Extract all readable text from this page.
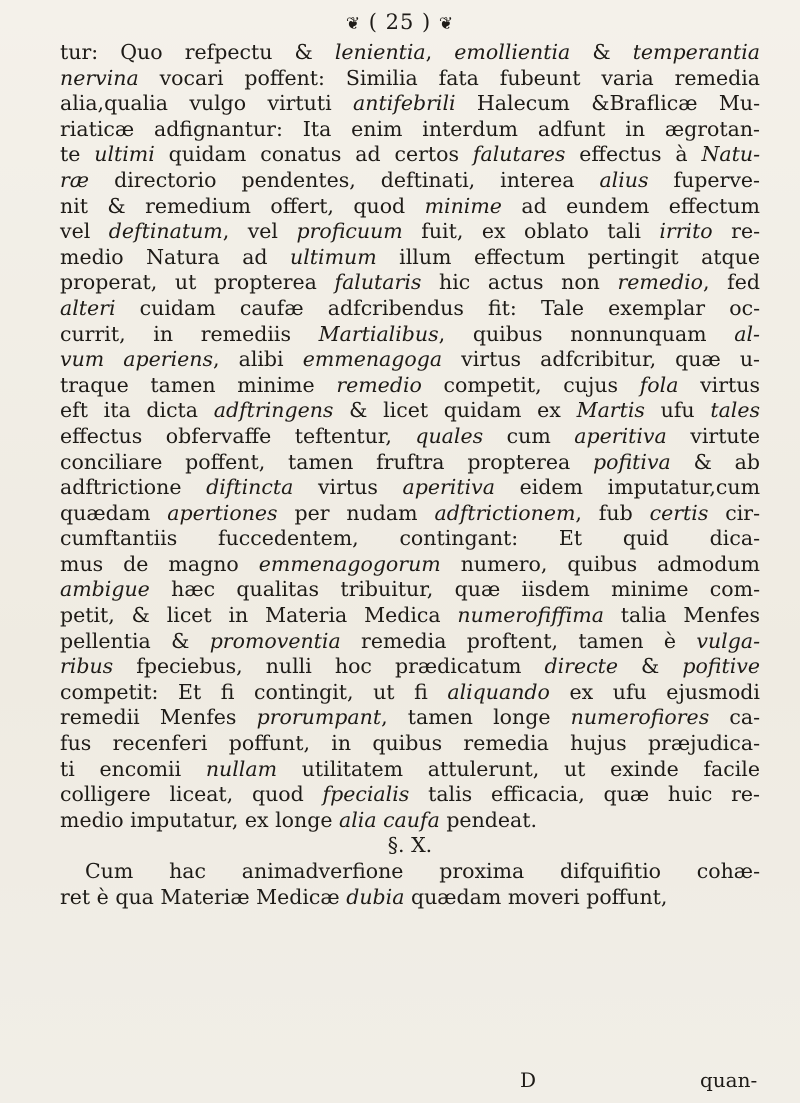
❦ ( 25 ) ❦
tur: Quo refpectu & lenientia, emollientia & temperantia
nervina vocari poffent: Similia fata fubeunt varia remedia
alia,qualia vulgo virtuti antifebrili Halecum &Braflicæ Mu-
riaticæ adfignantur: Ita enim interdum adfunt in ægrotan-
te ultimi quidam conatus ad certos falutares effectus à Natu-
ræ directorio pendentes, deftinati, interea alius fuperve-
nit & remedium offert, quod minime ad eundem effectum
vel deftinatum, vel proficuum fuit, ex oblato tali irrito re-
medio Natura ad ultimum illum effectum pertingit atque
properat, ut propterea falutaris hic actus non remedio, fed
alteri cuidam caufæ adfcribendus fit: Tale exemplar oc-
currit, in remediis Martialibus, quibus nonnunquam al-
vum aperiens, alibi emmenagoga virtus adfcribitur, quæ u-
traque tamen minime remedio competit, cujus fola virtus
eft ita dicta adftringens & licet quidam ex Martis ufu tales
effectus obfervaffe teftentur, quales cum aperitiva virtute
conciliare poffent, tamen fruftra propterea pofitiva & ab
adftrictione diftincta virtus aperitiva eidem imputatur,cum
quædam apertiones per nudam adftrictionem, fub certis cir-
cumftantiis fuccedentem, contingant: Et quid dica-
mus de magno emmenagogorum numero, quibus admodum
ambigue hæc qualitas tribuitur, quæ iisdem minime com-
petit, & licet in Materia Medica numerofiffima talia Menfes
pellentia & promoventia remedia proftent, tamen è vulga-
ribus fpeciebus, nulli hoc prædicatum directe & pofitive
competit: Et fi contingit, ut fi aliquando ex ufu ejusmodi
remedii Menfes prorumpant, tamen longe numerofiores ca-
fus recenferi poffunt, in quibus remedia hujus præjudica-
ti encomii nullam utilitatem attulerunt, ut exinde facile
colligere liceat, quod fpecialis talis efficacia, quæ huic re-
medio imputatur, ex longe alia caufa pendeat.
§. X.
Cum hac animadverfione proxima difquifitio cohæ-
ret è qua Materiæ Medicæ dubia quædam moveri poffunt,
D	quan-
